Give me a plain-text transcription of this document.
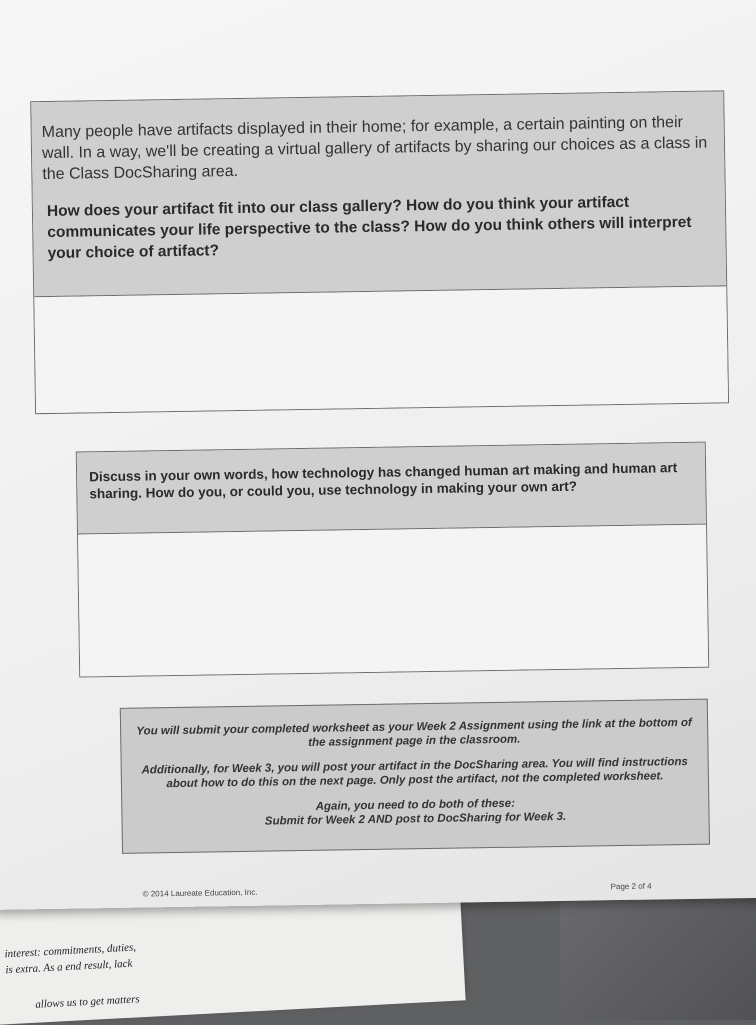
interest: commitments, duties,
is extra. As a end result, lack
allows us to get matters
Many people have artifacts displayed in their home; for example, a certain painting on their wall. In a way, we'll be creating a virtual gallery of artifacts by sharing our choices as a class in the Class DocSharing area.
How does your artifact fit into our class gallery? How do you think your artifact communicates your life perspective to the class? How do you think others will interpret your choice of artifact?
Discuss in your own words, how technology has changed human art making and human art sharing. How do you, or could you, use technology in making your own art?

You will submit your completed worksheet as your Week 2 Assignment using the link at the bottom of the assignment page in the classroom.

Additionally, for Week 3, you will post your artifact in the DocSharing area. You will find instructions about how to do this on the next page. Only post the artifact, not the completed worksheet.

Again, you need to do both of these:
Submit for Week 2 AND post to DocSharing for Week 3.

© 2014 Laureate Education, Inc.
Page 2 of 4
